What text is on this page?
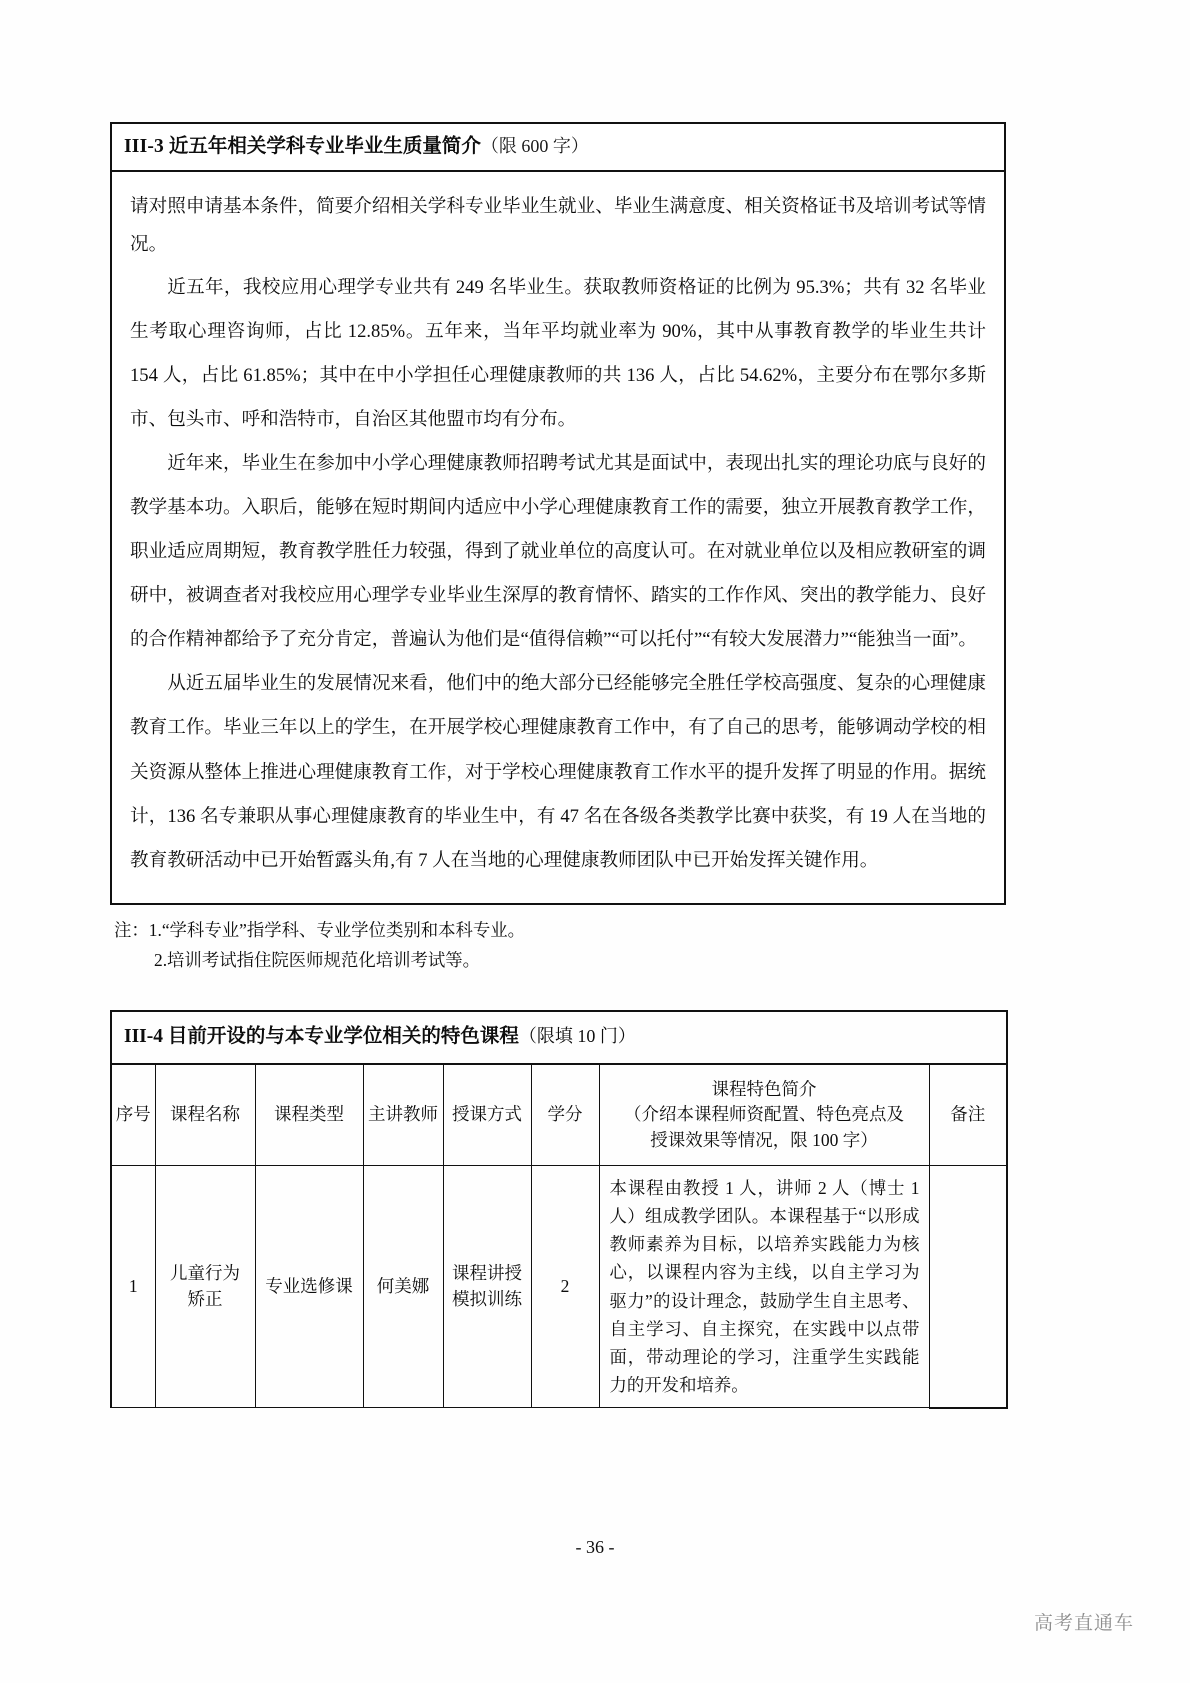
III-3 近五年相关学科专业毕业生质量简介（限 600 字）

请对照申请基本条件，简要介绍相关学科专业毕业生就业、毕业生满意度、相关资格证书及培训考试等情况。

近五年，我校应用心理学专业共有 249 名毕业生。获取教师资格证的比例为 95.3%；共有 32 名毕业生考取心理咨询师，占比 12.85%。五年来，当年平均就业率为 90%，其中从事教育教学的毕业生共计 154 人，占比 61.85%；其中在中小学担任心理健康教师的共 136 人，占比 54.62%，主要分布在鄂尔多斯市、包头市、呼和浩特市，自治区其他盟市均有分布。

近年来，毕业生在参加中小学心理健康教师招聘考试尤其是面试中，表现出扎实的理论功底与良好的教学基本功。入职后，能够在短时期间内适应中小学心理健康教育工作的需要，独立开展教育教学工作，职业适应周期短，教育教学胜任力较强，得到了就业单位的高度认可。在对就业单位以及相应教研室的调研中，被调查者对我校应用心理学专业毕业生深厚的教育情怀、踏实的工作作风、突出的教学能力、良好的合作精神都给予了充分肯定，普遍认为他们是“值得信赖”“可以托付”“有较大发展潜力”“能独当一面”。

从近五届毕业生的发展情况来看，他们中的绝大部分已经能够完全胜任学校高强度、复杂的心理健康教育工作。毕业三年以上的学生，在开展学校心理健康教育工作中，有了自己的思考，能够调动学校的相关资源从整体上推进心理健康教育工作，对于学校心理健康教育工作水平的提升发挥了明显的作用。据统计，136 名专兼职从事心理健康教育的毕业生中，有 47 名在各级各类教学比赛中获奖，有 19 人在当地的教育教研活动中已开始暂露头角,有 7 人在当地的心理健康教师团队中已开始发挥关键作用。

注：1.“学科专业”指学科、专业学位类别和本科专业。
2.培训考试指住院医师规范化培训考试等。
III-4 目前开设的与本专业学位相关的特色课程（限填 10 门）							
序号	课程名称	课程类型	主讲教师	授课方式	学分	课程特色简介
（介绍本课程师资配置、特色亮点及
授课效果等情况，限 100 字）	备注
1	儿童行为
矫正	专业选修课	何美娜	课程讲授
模拟训练	2	本课程由教授 1 人，讲师 2 人（博士 1 人）组成教学团队。本课程基于“以形成教师素养为目标，以培养实践能力为核心，以课程内容为主线，以自主学习为驱力”的设计理念，鼓励学生自主思考、自主学习、自主探究，在实践中以点带面，带动理论的学习，注重学生实践能力的开发和培养。	
- 36 -
高考直通车
